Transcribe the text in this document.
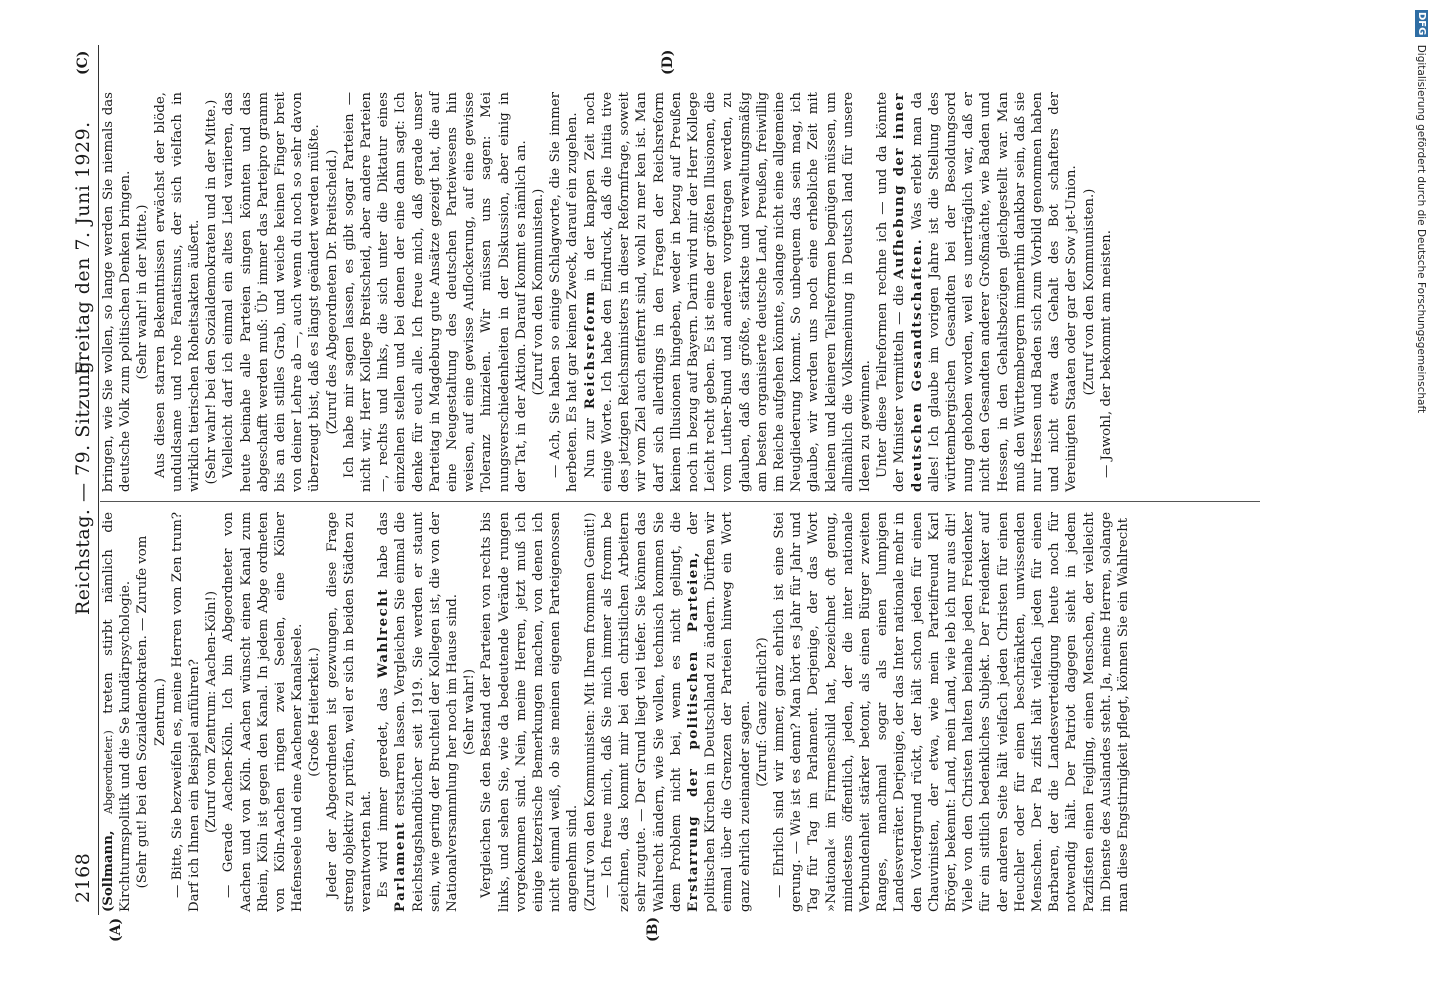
2168
Reichstag. — 79. Sitzung.
Freitag den 7. Juni 1929.
(A)	(B)
(C)	(D)

(Sollmann, Abgeordneter.) treten stirbt nämlich die Kirchturmspolitik und die Se kundärpsychologie. (Sehr gut! bei den Sozialdemokraten. — Zurufe vom Zentrum.) — Bitte, Sie bezweifeln es, meine Herren vom Zen trum? Darf ich Ihnen ein Beispiel anführen? (Zuruf vom Zentrum: Aachen-Köln!) — Gerade Aachen-Köln. Ich bin Abgeordneter von Aachen und von Köln. Aachen wünscht einen Kanal zum Rhein, Köln ist gegen den Kanal. In jedem Abge ordneten von Köln-Aachen ringen zwei Seelen, eine Kölner Hafenseele und eine Aachener Kanalseele. (Große Heiterkeit.) Jeder der Abgeordneten ist gezwungen, diese Frage streng objektiv zu prüfen, weil er sich in beiden Städten zu verantworten hat. Es wird immer geredet, das Wahlrecht habe das Parlament erstarren lassen. Vergleichen Sie einmal die Reichstagshandbücher seit 1919. Sie werden er staunt sein, wie gering der Bruchteil der Kollegen ist, die von der Nationalversammlung her noch im Hause sind. (Sehr wahr!) Vergleichen Sie den Bestand der Parteien von rechts bis links, und sehen Sie, wie da bedeutende Verände rungen vorgekommen sind. Nein, meine Herren, jetzt muß ich einige ketzerische Bemerkungen machen, von denen ich nicht einmal weiß, ob sie meinen eigenen Parteigenossen angenehm sind. (Zuruf von den Kommunisten: Mit Ihrem frommen Gemüt!) — Ich freue mich, daß Sie mich immer als fromm be zeichnen, das kommt mir bei den christlichen Arbeitern sehr zugute. — Der Grund liegt viel tiefer. Sie können das Wahlrecht ändern, wie Sie wollen, technisch kommen Sie dem Problem nicht bei, wenn es nicht gelingt, die Erstarrung der politischen Parteien, der politischen Kirchen in Deutschland zu ändern. Dürften wir einmal über die Grenzen der Parteien hinweg ein Wort ganz ehrlich zueinander sagen. (Zuruf: Ganz ehrlich?) — Ehrlich sind wir immer, ganz ehrlich ist eine Stei gerung. — Wie ist es denn? Man hört es Jahr für Jahr und Tag für Tag im Parlament. Derjenige, der das Wort »National« im Firmenschild hat, bezeichnet oft genug, mindestens öffentlich, jeden, der die inter nationale Verbundenheit stärker betont, als einen Bürger zweiten Ranges, manchmal sogar als einen lumpigen Landesverräter. Derjenige, der das Inter nationale mehr in den Vordergrund rückt, der hält schon jeden für einen Chauvinisten, der etwa, wie mein Parteifreund Karl Bröger, bekennt: Land, mein Land, wie leb ich nur aus dir! Viele von den Christen halten beinahe jeden Freidenker für ein sittlich bedenkliches Subjekt. Der Freidenker auf der anderen Seite hält vielfach jeden Christen für einen Heuchler oder für einen beschränkten, unwissenden Menschen. Der Pa zifist hält vielfach jeden für einen Barbaren, der die Landesverteidigung heute noch für notwendig hält. Der Patriot dagegen sieht in jedem Pazifisten einen Feigling, einen Menschen, der vielleicht im Dienste des Auslandes steht. Ja, meine Herren, solange man diese Engstirnigkeit pflegt, können Sie ein Wahlrecht

bringen, wie Sie wollen, so lange werden Sie niemals das deutsche Volk zum politischen Denken bringen. (Sehr wahr! in der Mitte.) Aus diesen starren Bekenntnissen erwächst der blöde, unduldsame und rohe Fanatismus, der sich vielfach in wirklich tierischen Roheitsakten äußert. (Sehr wahr! bei den Sozialdemokraten und in der Mitte.) Vielleicht darf ich einmal ein altes Lied variieren, das heute beinahe alle Parteien singen könnten und das abgeschafft werden muß: Üb' immer das Parteipro gramm bis an dein stilles Grab, und weiche keinen Finger breit von deiner Lehre ab —, auch wenn du noch so sehr davon überzeugt bist, daß es längst geändert werden müßte. (Zuruf des Abgeordneten Dr. Breitscheid.) Ich habe mir sagen lassen, es gibt sogar Parteien — nicht wir, Herr Kollege Breitscheid, aber andere Parteien —, rechts und links, die sich unter die Diktatur eines einzelnen stellen und bei denen der eine dann sagt: Ich denke für euch alle. Ich freue mich, daß gerade unser Parteitag in Magdeburg gute Ansätze gezeigt hat, die auf eine Neugestaltung des deutschen Parteiwesens hin weisen, auf eine gewisse Auflockerung, auf eine gewisse Toleranz hinzielen. Wir müssen uns sagen: Mei nungsverschiedenheiten in der Diskussion, aber einig in der Tat, in der Aktion. Darauf kommt es nämlich an. (Zuruf von den Kommunisten.) — Ach, Sie haben so einige Schlagworte, die Sie immer herbeten. Es hat gar keinen Zweck, darauf ein zugehen. Nun zur Reichsreform in der knappen Zeit noch einige Worte. Ich habe den Eindruck, daß die Initia tive des jetzigen Reichsministers in dieser Reformfrage, soweit wir vom Ziel auch entfernt sind, wohl zu mer ken ist. Man darf sich allerdings in den Fragen der Reichsreform keinen Illusionen hingeben, weder in bezug auf Preußen noch in bezug auf Bayern. Darin wird mir der Herr Kollege Leicht recht geben. Es ist eine der größten Illusionen, die vom Luther-Bund und anderen vorgetragen werden, zu glauben, daß das größte, stärkste und verwaltungsmäßig am besten organisierte deutsche Land, Preußen, freiwillig im Reiche aufgehen könnte, solange nicht eine allgemeine Neugliederung kommt. So unbequem das sein mag, ich glaube, wir werden uns noch eine erhebliche Zeit mit kleinen und kleineren Teilreformen begnügen müssen, um allmählich die Volksmeinung in Deutsch land für unsere Ideen zu gewinnen. Unter diese Teilreformen rechne ich — und da könnte der Minister vermitteln — die Aufhebung der inner deutschen Gesandtschaften. Was erlebt man da alles! Ich glaube im vorigen Jahre ist die Stellung des württembergischen Gesandten bei der Besoldungsord nung gehoben worden, weil es unerträglich war, daß er nicht den Gesandten anderer Großmächte, wie Baden und Hessen, in den Gehaltsbezügen gleichgestellt war. Man muß den Württembergern immerhin dankbar sein, daß sie nur Hessen und Baden sich zum Vorbild genommen haben und nicht etwa das Gehalt des Bot schafters der Vereinigten Staaten oder gar der Sow jet-Union. (Zuruf von den Kommunisten.) — Jawohl, der bekommt am meisten.

DFG Digitalisierung gefördert durch die Deutsche Forschungsgemeinschaft
